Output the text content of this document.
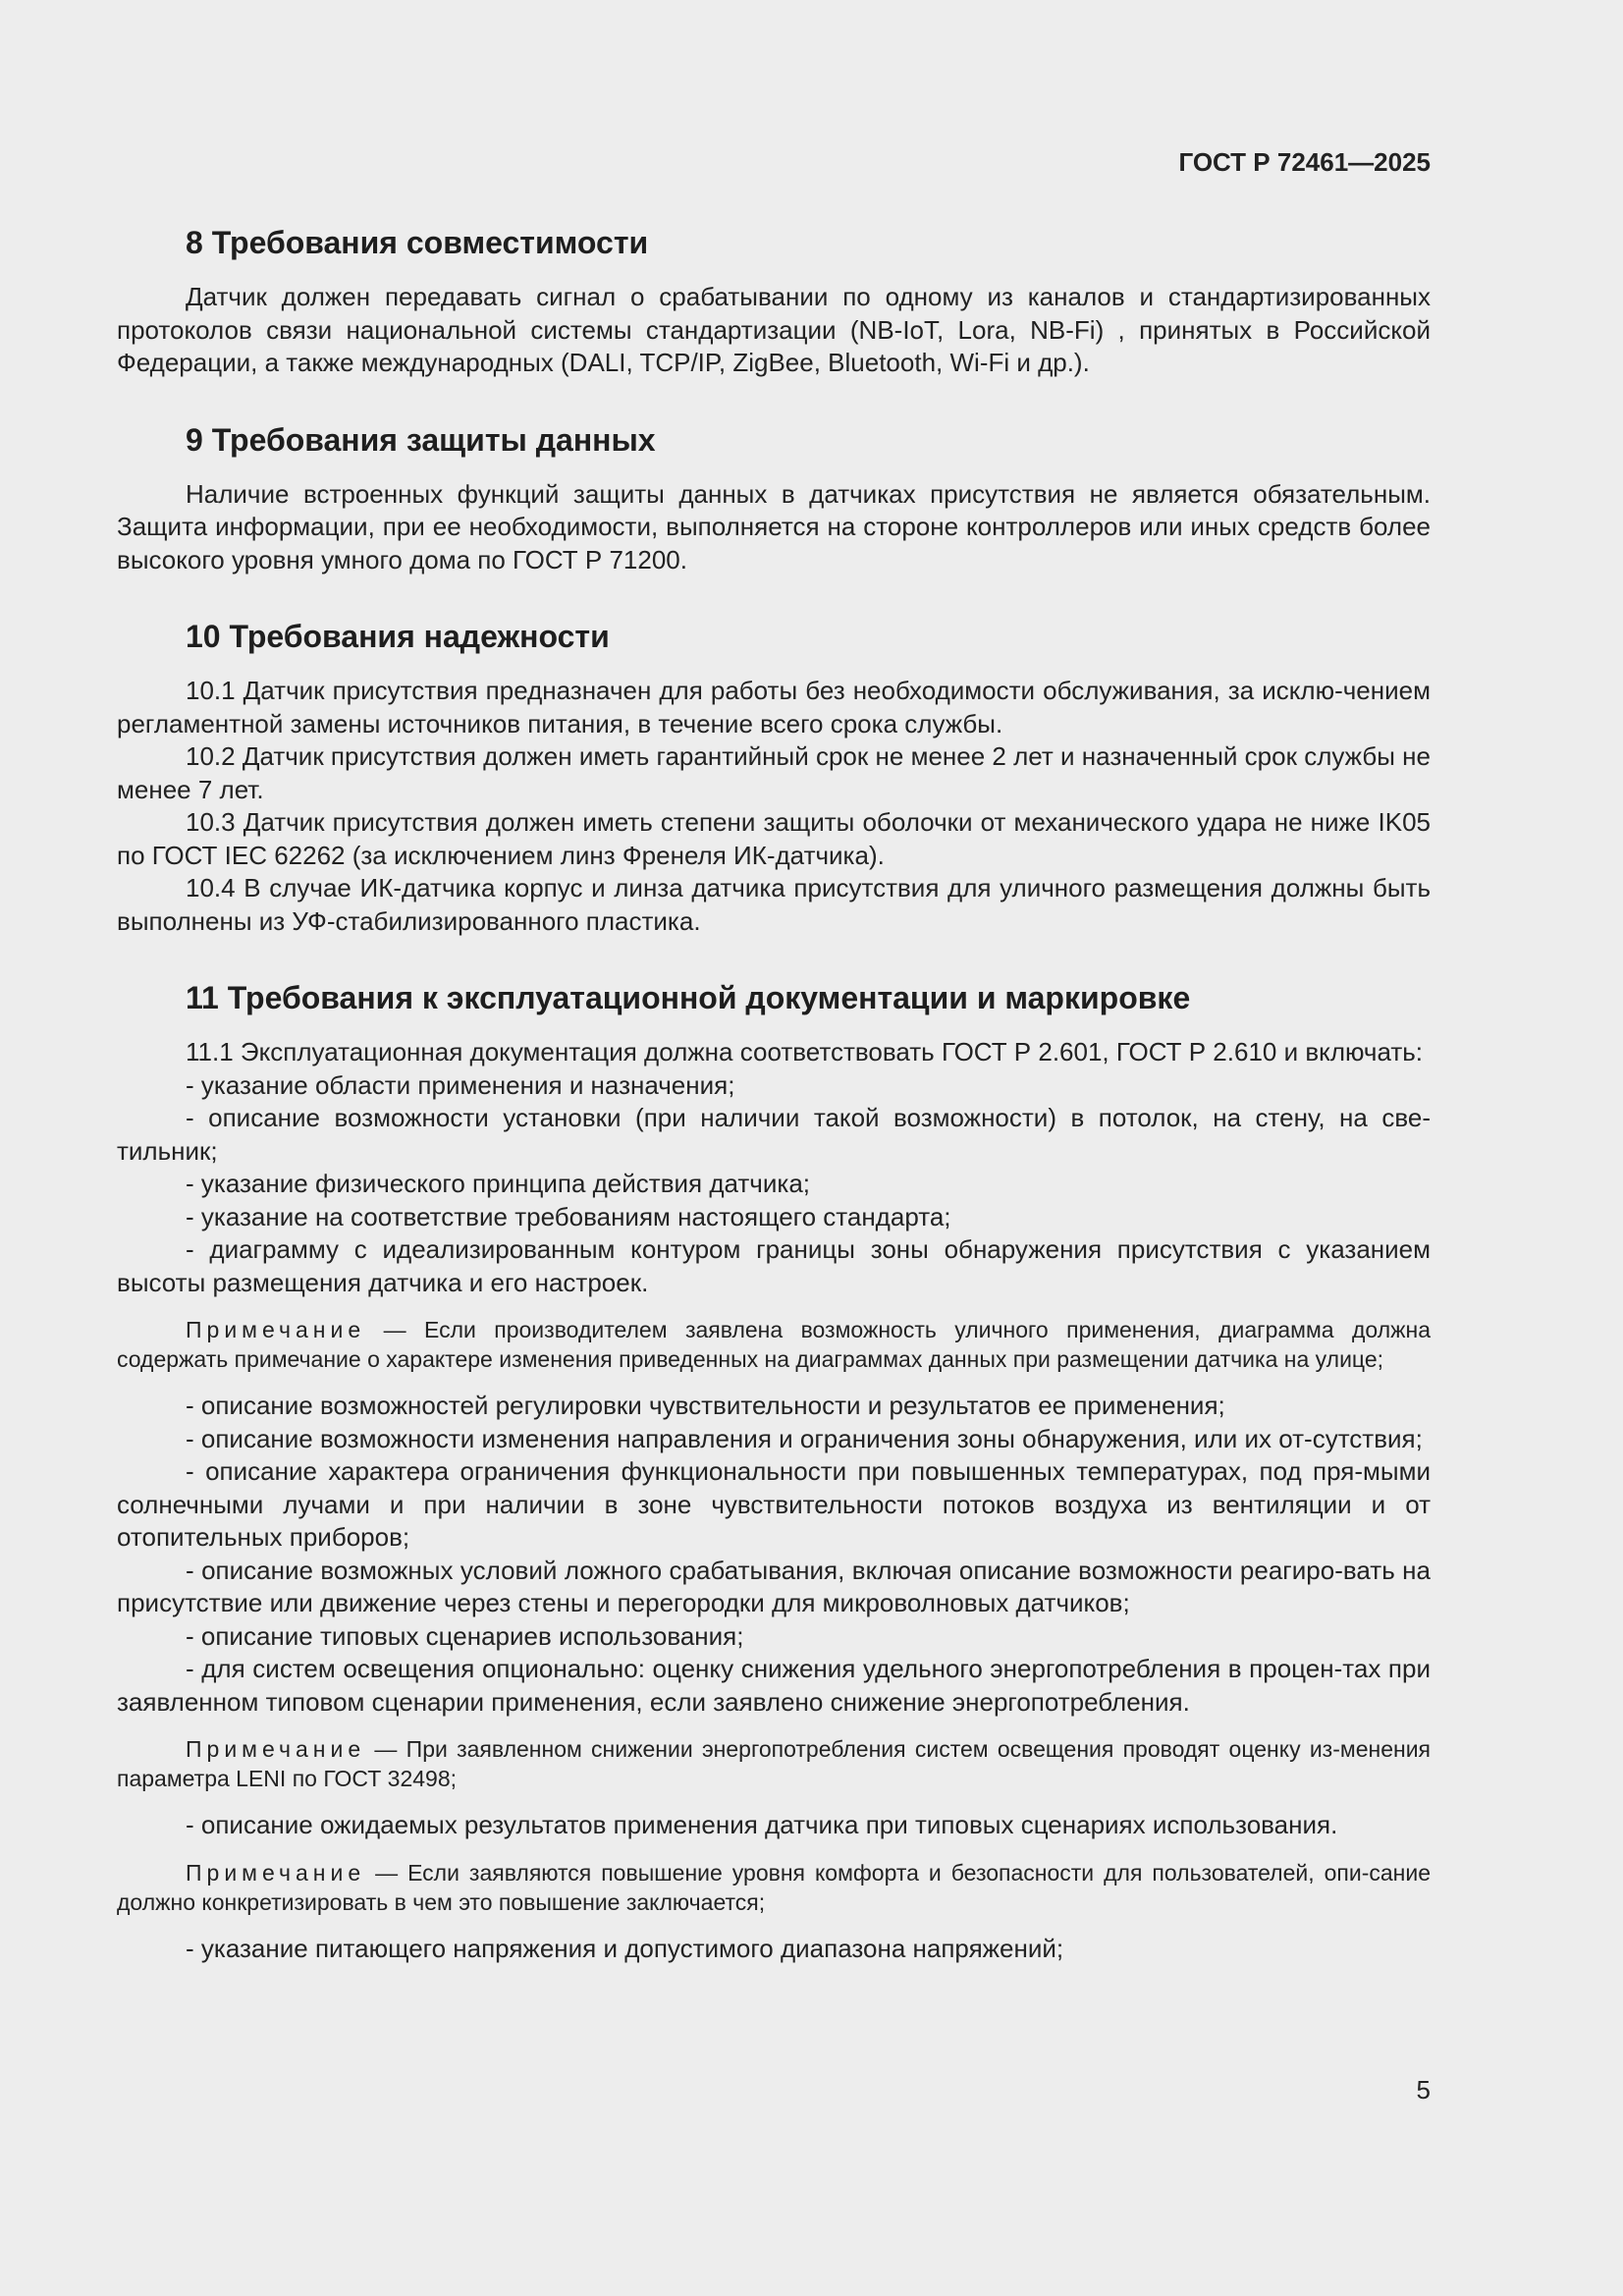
ГОСТ Р 72461—2025
8 Требования совместимости

Датчик должен передавать сигнал о срабатывании по одному из каналов и стандартизированных протоколов связи национальной системы стандартизации (NB-IoT, Lora, NB-Fi) , принятых в Российской Федерации, а также международных (DALI, TCP/IP, ZigBee, Bluetooth, Wi-Fi и др.).

9 Требования защиты данных

Наличие встроенных функций защиты данных в датчиках присутствия не является обязательным. Защита информации, при ее необходимости, выполняется на стороне контроллеров или иных средств более высокого уровня умного дома по ГОСТ Р 71200.

10 Требования надежности

10.1 Датчик присутствия предназначен для работы без необходимости обслуживания, за исклю-чением регламентной замены источников питания, в течение всего срока службы.

10.2 Датчик присутствия должен иметь гарантийный срок не менее 2 лет и назначенный срок службы не менее 7 лет.

10.3 Датчик присутствия должен иметь степени защиты оболочки от механического удара не ниже IK05 по ГОСТ IEC 62262 (за исключением линз Френеля ИК-датчика).

10.4 В случае ИК-датчика корпус и линза датчика присутствия для уличного размещения должны быть выполнены из УФ-стабилизированного пластика.

11 Требования к эксплуатационной документации и маркировке

11.1 Эксплуатационная документация должна соответствовать ГОСТ Р 2.601, ГОСТ Р 2.610 и включать:

- указание области применения и назначения;

- описание возможности установки (при наличии такой возможности) в потолок, на стену, на све-тильник;

- указание физического принципа действия датчика;

- указание на соответствие требованиям настоящего стандарта;

- диаграмму с идеализированным контуром границы зоны обнаружения присутствия с указанием высоты размещения датчика и его настроек.

Примечание — Если производителем заявлена возможность уличного применения, диаграмма должна содержать примечание о характере изменения приведенных на диаграммах данных при размещении датчика на улице;

- описание возможностей регулировки чувствительности и результатов ее применения;

- описание возможности изменения направления и ограничения зоны обнаружения, или их от-сутствия;

- описание характера ограничения функциональности при повышенных температурах, под пря-мыми солнечными лучами и при наличии в зоне чувствительности потоков воздуха из вентиляции и от отопительных приборов;

- описание возможных условий ложного срабатывания, включая описание возможности реагиро-вать на присутствие или движение через стены и перегородки для микроволновых датчиков;

- описание типовых сценариев использования;

- для систем освещения опционально: оценку снижения удельного энергопотребления в процен-тах при заявленном типовом сценарии применения, если заявлено снижение энергопотребления.

Примечание — При заявленном снижении энергопотребления систем освещения проводят оценку из-менения параметра LENI по ГОСТ 32498;

- описание ожидаемых результатов применения датчика при типовых сценариях использования.

Примечание — Если заявляются повышение уровня комфорта и безопасности для пользователей, опи-сание должно конкретизировать в чем это повышение заключается;

- указание питающего напряжения и допустимого диапазона напряжений;

5
